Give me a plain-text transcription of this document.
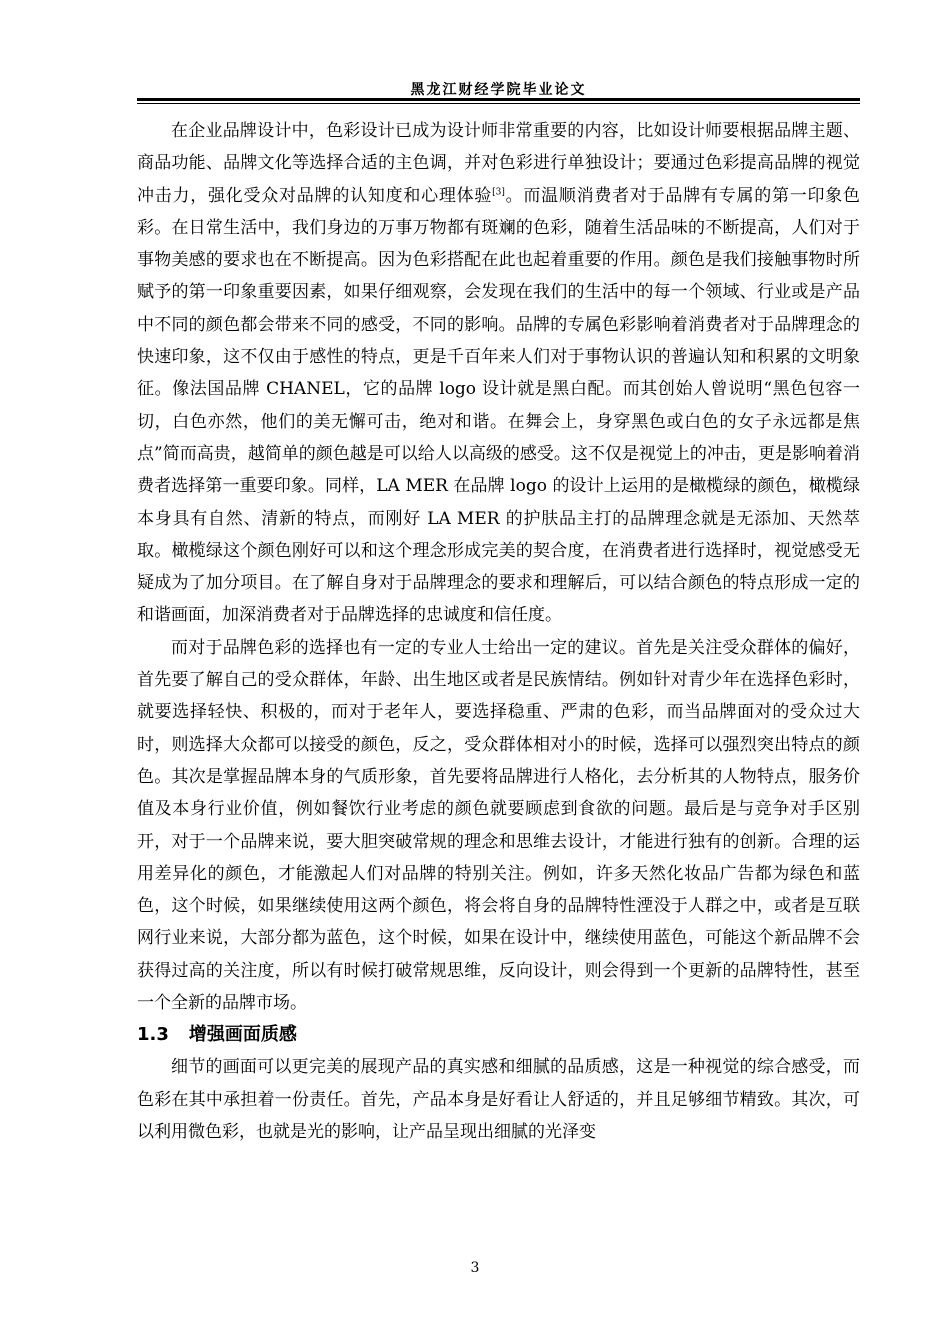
黑龙江财经学院毕业论文

在企业品牌设计中，色彩设计已成为设计师非常重要的内容，比如设计师要根据品牌主题、商品功能、品牌文化等选择合适的主色调，并对色彩进行单独设计；要通过色彩提高品牌的视觉冲击力，强化受众对品牌的认知度和心理体验[3]。而温顺消费者对于品牌有专属的第一印象色彩。在日常生活中，我们身边的万事万物都有斑斓的色彩，随着生活品味的不断提高，人们对于事物美感的要求也在不断提高。因为色彩搭配在此也起着重要的作用。颜色是我们接触事物时所赋予的第一印象重要因素，如果仔细观察，会发现在我们的生活中的每一个领域、行业或是产品中不同的颜色都会带来不同的感受，不同的影响。品牌的专属色彩影响着消费者对于品牌理念的快速印象，这不仅由于感性的特点，更是千百年来人们对于事物认识的普遍认知和积累的文明象征。像法国品牌 CHANEL，它的品牌 logo 设计就是黑白配。而其创始人曾说明“黑色包容一切，白色亦然，他们的美无懈可击，绝对和谐。在舞会上，身穿黑色或白色的女子永远都是焦点”简而高贵，越简单的颜色越是可以给人以高级的感受。这不仅是视觉上的冲击，更是影响着消费者选择第一重要印象。同样，LA MER 在品牌 logo 的设计上运用的是橄榄绿的颜色，橄榄绿本身具有自然、清新的特点，而刚好 LA MER 的护肤品主打的品牌理念就是无添加、天然萃取。橄榄绿这个颜色刚好可以和这个理念形成完美的契合度，在消费者进行选择时，视觉感受无疑成为了加分项目。在了解自身对于品牌理念的要求和理解后，可以结合颜色的特点形成一定的和谐画面，加深消费者对于品牌选择的忠诚度和信任度。

而对于品牌色彩的选择也有一定的专业人士给出一定的建议。首先是关注受众群体的偏好，首先要了解自己的受众群体，年龄、出生地区或者是民族情结。例如针对青少年在选择色彩时，就要选择轻快、积极的，而对于老年人，要选择稳重、严肃的色彩，而当品牌面对的受众过大时，则选择大众都可以接受的颜色，反之，受众群体相对小的时候，选择可以强烈突出特点的颜色。其次是掌握品牌本身的气质形象，首先要将品牌进行人格化，去分析其的人物特点，服务价值及本身行业价值，例如餐饮行业考虑的颜色就要顾虑到食欲的问题。最后是与竞争对手区别开，对于一个品牌来说，要大胆突破常规的理念和思维去设计，才能进行独有的创新。合理的运用差异化的颜色，才能激起人们对品牌的特别关注。例如，许多天然化妆品广告都为绿色和蓝色，这个时候，如果继续使用这两个颜色，将会将自身的品牌特性湮没于人群之中，或者是互联网行业来说，大部分都为蓝色，这个时候，如果在设计中，继续使用蓝色，可能这个新品牌不会获得过高的关注度，所以有时候打破常规思维，反向设计，则会得到一个更新的品牌特性，甚至一个全新的品牌市场。

1.3 增强画面质感

细节的画面可以更完美的展现产品的真实感和细腻的品质感，这是一种视觉的综合感受，而色彩在其中承担着一份责任。首先，产品本身是好看让人舒适的，并且足够细节精致。其次，可以利用微色彩，也就是光的影响，让产品呈现出细腻的光泽变

3
